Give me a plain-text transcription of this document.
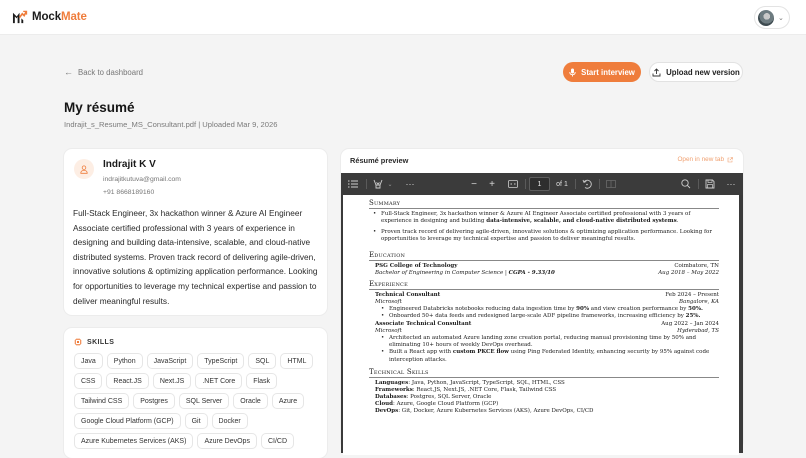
MockMate	⌄
← Back to dashboard	Start interview	Upload new version
My résumé
Indrajit_s_Resume_MS_Consultant.pdf | Uploaded Mar 9, 2026
Indrajit K V
indrajitkutuva@gmail.com
+91 8668189160
Full-Stack Engineer, 3x hackathon winner & Azure AI Engineer Associate certified professional with 3 years of experience in designing and building data-intensive, scalable, and cloud-native distributed systems. Proven track record of delivering agile-driven, innovative solutions & optimizing application performance. Looking for opportunities to leverage my technical expertise and passion to deliver meaningful results.
SKILLS
Java	Python	JavaScript	TypeScript	SQL	HTML
CSS	React.JS	Next.JS	.NET Core	Flask
Tailwind CSS	Postgres	SQL Server	Oracle	Azure
Google Cloud Platform (GCP)	Git	Docker
Azure Kubernetes Services (AKS)	Azure DevOps	CI/CD
Résumé preview	Open in new tab
⌄ ···	−	+	1	of 1	···
Summary
• Full-Stack Engineer, 3x hackathon winner & Azure AI Engineer Associate certified professional with 3 years of experience in designing and building data-intensive, scalable, and cloud-native distributed systems.
• Proven track record of delivering agile-driven, innovative solutions & optimizing application performance. Looking for opportunities to leverage my technical expertise and passion to deliver meaningful results.
Education
PSG College of Technology	Coimbatore, TN
Bachelor of Engineering in Computer Science | CGPA - 9.33/10	Aug 2018 – May 2022
Experience
Technical Consultant	Feb 2024 – Present
Microsoft	Bangalore, KA
• Engineered Databricks notebooks reducing data ingestion time by 90% and view creation performance by 50%.
• Onboarded 50+ data feeds and redesigned large-scale ADF pipeline frameworks, increasing efficiency by 25%.
Associate Technical Consultant	Aug 2022 – Jan 2024
Microsoft	Hyderabad, TS
• Architected an automated Azure landing zone creation portal, reducing manual provisioning time by 50% and eliminating 10+ hours of weekly DevOps overhead.
• Built a React app with custom PKCE flow using Ping Federated Identity, enhancing security by 95% against code interception attacks.
Technical Skills
Languages: Java, Python, JavaScript, TypeScript, SQL, HTML, CSS
Frameworks: React.JS, Next.JS, .NET Core, Flask, Tailwind CSS
Databases: Postgres, SQL Server, Oracle
Cloud: Azure, Google Cloud Platform (GCP)
DevOps: Git, Docker, Azure Kubernetes Services (AKS), Azure DevOps, CI/CD
